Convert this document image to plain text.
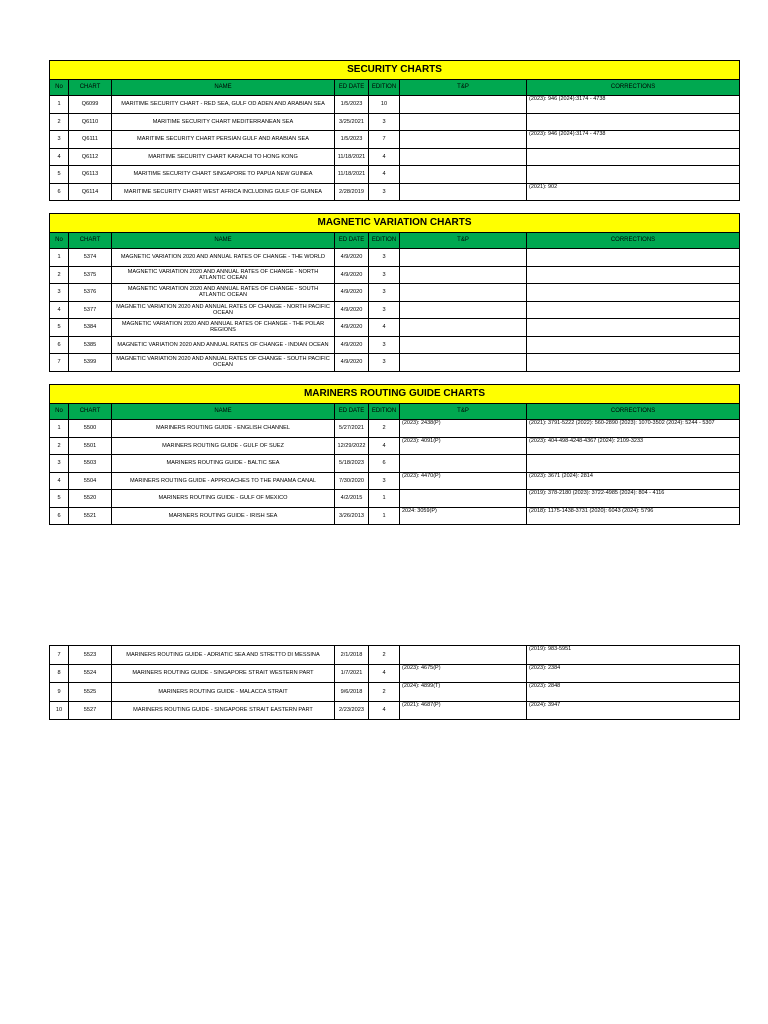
SECURITY CHARTS						
No	CHART	NAME	ED DATE	EDITION	T&P	CORRECTIONS
1	Q6099	MARITIME SECURITY CHART - RED SEA, GULF OD ADEN AND ARABIAN SEA	1/5/2023	10		(2023): 946 (2024):3174 - 4738
2	Q6110	MARITIME SECURITY CHART MEDITERRANEAN SEA	3/25/2021	3		
3	Q6111	MARITIME SECURITY CHART PERSIAN GULF AND ARABIAN SEA	1/5/2023	7		(2023): 946 (2024):3174 - 4738
4	Q6112	MARITIME SECURITY CHART KARACHI TO HONG KONG	11/18/2021	4		
5	Q6113	MARITIME SECURITY CHART SINGAPORE TO PAPUA NEW GUINEA	11/18/2021	4		
6	Q6114	MARITIME SECURITY CHART WEST AFRICA INCLUDING GULF OF GUINEA	2/28/2019	3		(2021): 902
MAGNETIC VARIATION CHARTS						
No	CHART	NAME	ED DATE	EDITION	T&P	CORRECTIONS
1	5374	MAGNETIC VARIATION 2020 AND ANNUAL RATES OF CHANGE - THE WORLD	4/9/2020	3		
2	5375	MAGNETIC VARIATION 2020 AND ANNUAL RATES OF CHANGE - NORTH ATLANTIC OCEAN	4/9/2020	3		
3	5376	MAGNETIC VARIATION 2020 AND ANNUAL RATES OF CHANGE - SOUTH ATLANTIC OCEAN	4/9/2020	3		
4	5377	MAGNETIC VARIATION 2020 AND ANNUAL RATES OF CHANGE - NORTH PACIFIC OCEAN	4/9/2020	3		
5	5384	MAGNETIC VARIATION 2020 AND ANNUAL RATES OF CHANGE - THE POLAR REGIONS	4/9/2020	4		
6	5385	MAGNETIC VARIATION 2020 AND ANNUAL RATES OF CHANGE - INDIAN OCEAN	4/9/2020	3		
7	5399	MAGNETIC VARIATION 2020 AND ANNUAL RATES OF CHANGE - SOUTH PACIFIC OCEAN	4/9/2020	3		
MARINERS ROUTING GUIDE CHARTS						
No	CHART	NAME	ED DATE	EDITION	T&P	CORRECTIONS
1	5500	MARINERS ROUTING GUIDE - ENGLISH CHANNEL	5/27/2021	2	(2023): 2438(P)	(2021): 3791-5222 (2022): 560-2890 (2023): 1070-3502 (2024): 5244 - 5307
2	5501	MARINERS ROUTING GUIDE - GULF OF SUEZ	12/29/2022	4	(2023): 4091(P)	(2023): 404-498-4248-4367 (2024): 2109-3233
3	5503	MARINERS ROUTING GUIDE - BALTIC SEA	5/18/2023	6		
4	5504	MARINERS ROUTING GUIDE - APPROACHES TO THE PANAMA CANAL	7/30/2020	3	(2023): 4470(P)	(2023): 3671 (2024): 2814
5	5520	MARINERS ROUTING GUIDE - GULF OF MEXICO	4/2/2015	1		(2019): 378-2180 (2023): 3722-4985 (2024): 804 - 4116
6	5521	MARINERS ROUTING GUIDE - IRISH SEA	3/26/2013	1	2024: 3059(P)	(2018): 1175-1438-3731 (2020): 6043 (2024): 5796
7	5523	MARINERS ROUTING GUIDE - ADRIATIC SEA AND STRETTO DI MESSINA	2/1/2018	2		(2019): 983-5951
8	5524	MARINERS ROUTING GUIDE - SINGAPORE STRAIT WESTERN PART	1/7/2021	4	(2023): 4675(P)	(2023): 2384
9	5525	MARINERS ROUTING GUIDE - MALACCA STRAIT	9/6/2018	2	(2024): 4899(T)	(2023): 2848
10	5527	MARINERS ROUTING GUIDE - SINGAPORE STRAIT EASTERN PART	2/23/2023	4	(2021): 4687(P)	(2024): 3947
